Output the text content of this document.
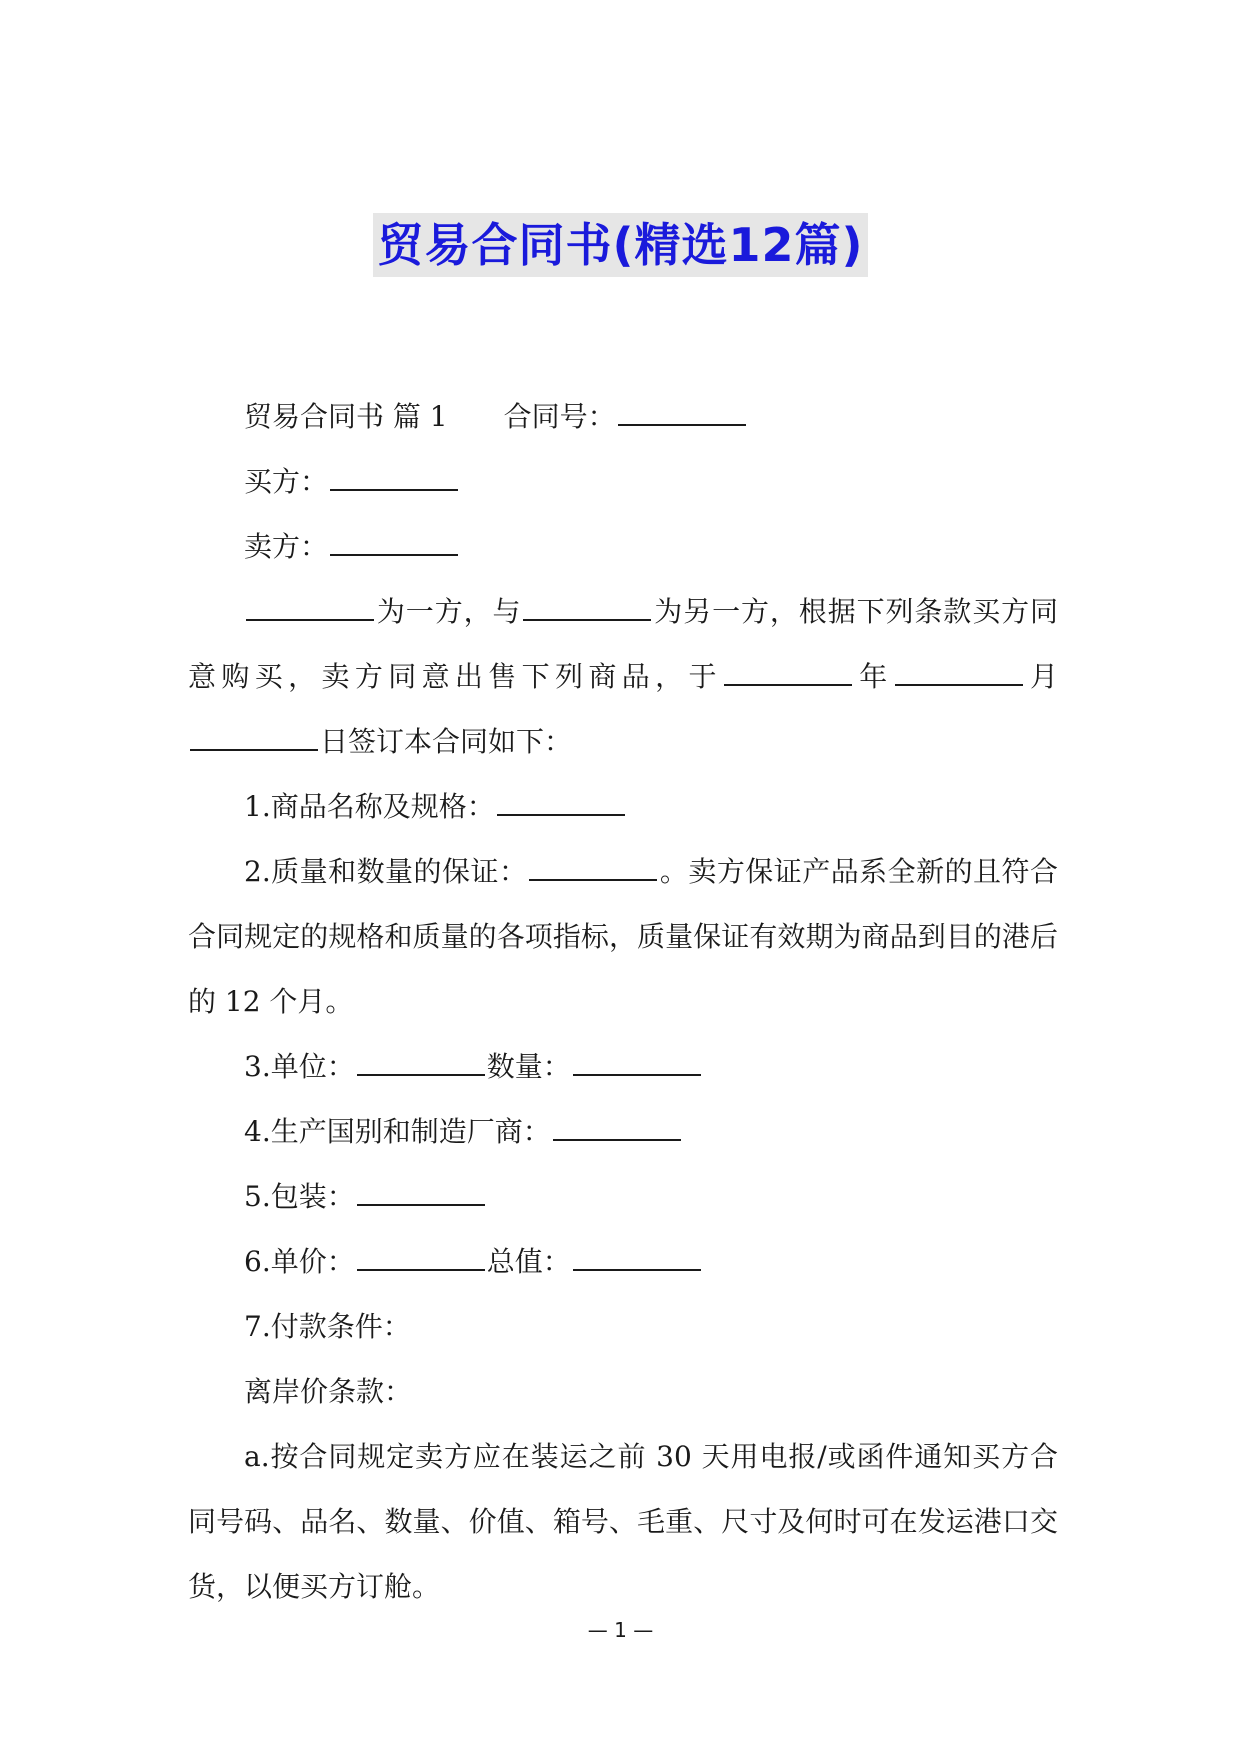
贸易合同书(精选12篇)

贸易合同书 篇 1 合同号：

买方：

卖方：

为一方，与	为另一方，根据下列条款买方同意购买，卖方同意出售下列商品，于	年	月日签订本合同如下：

1.商品名称及规格：

2.质量和数量的保证：	。卖方保证产品系全新的且符合合同规定的规格和质量的各项指标，质量保证有效期为商品到目的港后的 12 个月。

3.单位：	数量：

4.生产国别和制造厂商：

5.包装：

6.单价：	总值：

7.付款条件：

离岸价条款：

a.按合同规定卖方应在装运之前 30 天用电报/或函件通知买方合同号码、品名、数量、价值、箱号、毛重、尺寸及何时可在发运港口交货，以便买方订舱。

— 1 —
